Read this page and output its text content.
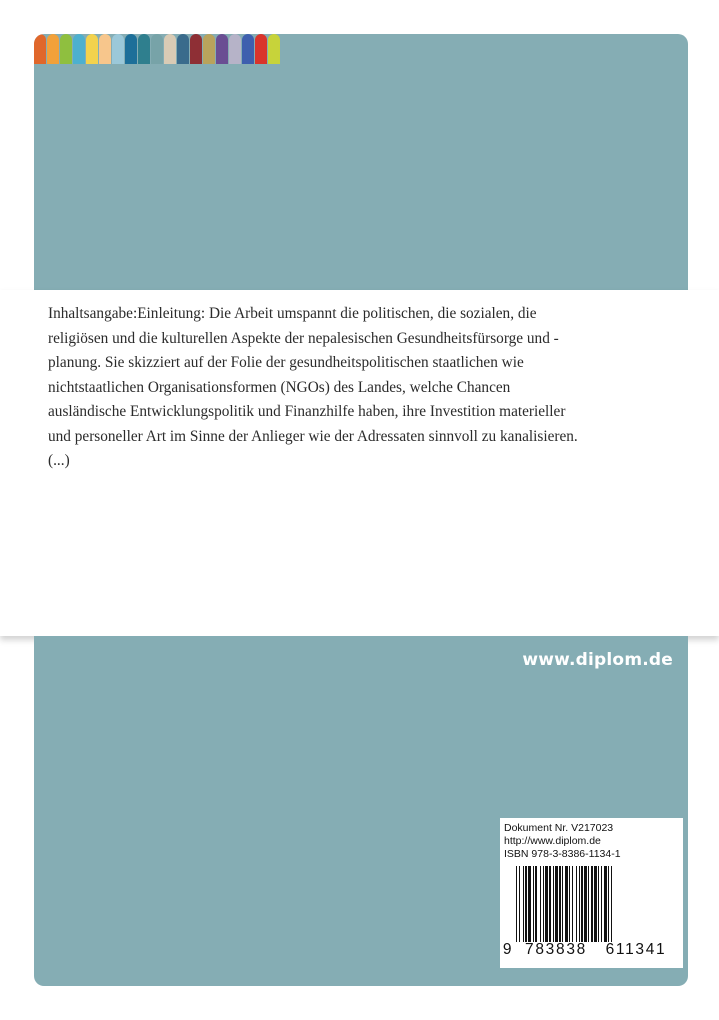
Inhaltsangabe:Einleitung: Die Arbeit umspannt die politischen, die sozialen, die religiösen und die kulturellen Aspekte der nepalesischen Gesundheitsfürsorge und -planung. Sie skizziert auf der Folie der gesundheitspolitischen staatlichen wie nichtstaatlichen Organisationsformen (NGOs) des Landes, welche Chancen ausländische Entwicklungspolitik und Finanzhilfe haben, ihre Investition materieller und personeller Art im Sinne der Anlieger wie der Adressaten sinnvoll zu kanalisieren. (...)

www.diplom.de
Dokument Nr. V217023
http://www.diplom.de
ISBN 978-3-8386-1134-1
9 783838 611341
